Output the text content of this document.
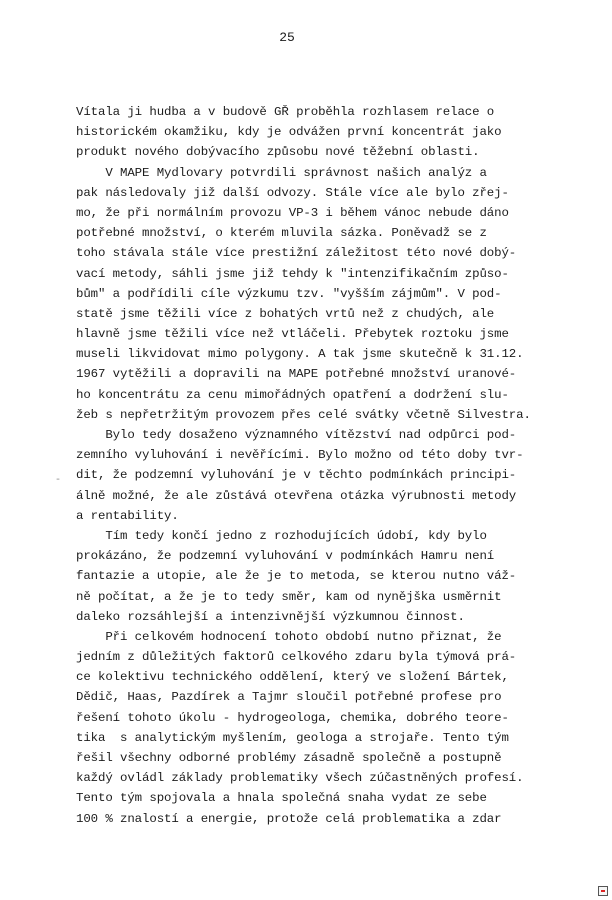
25
-
Vítala ji hudba a v budově GŘ proběhla rozhlasem relace o
historickém okamžiku, kdy je odvážen první koncentrát jako
produkt nového dobývacího způsobu nové těžební oblasti.
V MAPE Mydlovary potvrdili správnost našich analýz a
pak následovaly již další odvozy. Stále více ale bylo zřej-
mo, že při normálním provozu VP-3 i během vánoc nebude dáno
potřebné množství, o kterém mluvila sázka. Poněvadž se z
toho stávala stále více prestižní záležitost této nové dobý-
vací metody, sáhli jsme již tehdy k "intenzifikačním způso-
bům" a podřídili cíle výzkumu tzv. "vyšším zájmům". V pod-
statě jsme těžili více z bohatých vrtů než z chudých, ale
hlavně jsme těžili více než vtláčeli. Přebytek roztoku jsme
museli likvidovat mimo polygony. A tak jsme skutečně k 31.12.
1967 vytěžili a dopravili na MAPE potřebné množství uranové-
ho koncentrátu za cenu mimořádných opatření a dodržení slu-
žeb s nepřetržitým provozem přes celé svátky včetně Silvestra.
Bylo tedy dosaženo významného vítězství nad odpůrci pod-
zemního vyluhování i nevěřícími. Bylo možno od této doby tvr-
dit, že podzemní vyluhování je v těchto podmínkách principi-
álně možné, že ale zůstává otevřena otázka výrubnosti metody
a rentability.
Tím tedy končí jedno z rozhodujících údobí, kdy bylo
prokázáno, že podzemní vyluhování v podmínkách Hamru není
fantazie a utopie, ale že je to metoda, se kterou nutno váž-
ně počítat, a že je to tedy směr, kam od nynějška usměrnit
daleko rozsáhlejší a intenzivnější výzkumnou činnost.
Při celkovém hodnocení tohoto období nutno přiznat, že
jedním z důležitých faktorů celkového zdaru byla týmová prá-
ce kolektivu technického oddělení, který ve složení Bártek,
Dědič, Haas, Pazdírek a Tajmr sloučil potřebné profese pro
řešení tohoto úkolu - hydrogeologa, chemika, dobrého teore-
tika  s analytickým myšlením, geologa a strojaře. Tento tým
řešil všechny odborné problémy zásadně společně a postupně
každý ovládl základy problematiky všech zúčastněných profesí.
Tento tým spojovala a hnala společná snaha vydat ze sebe
100 % znalostí a energie, protože celá problematika a zdar
